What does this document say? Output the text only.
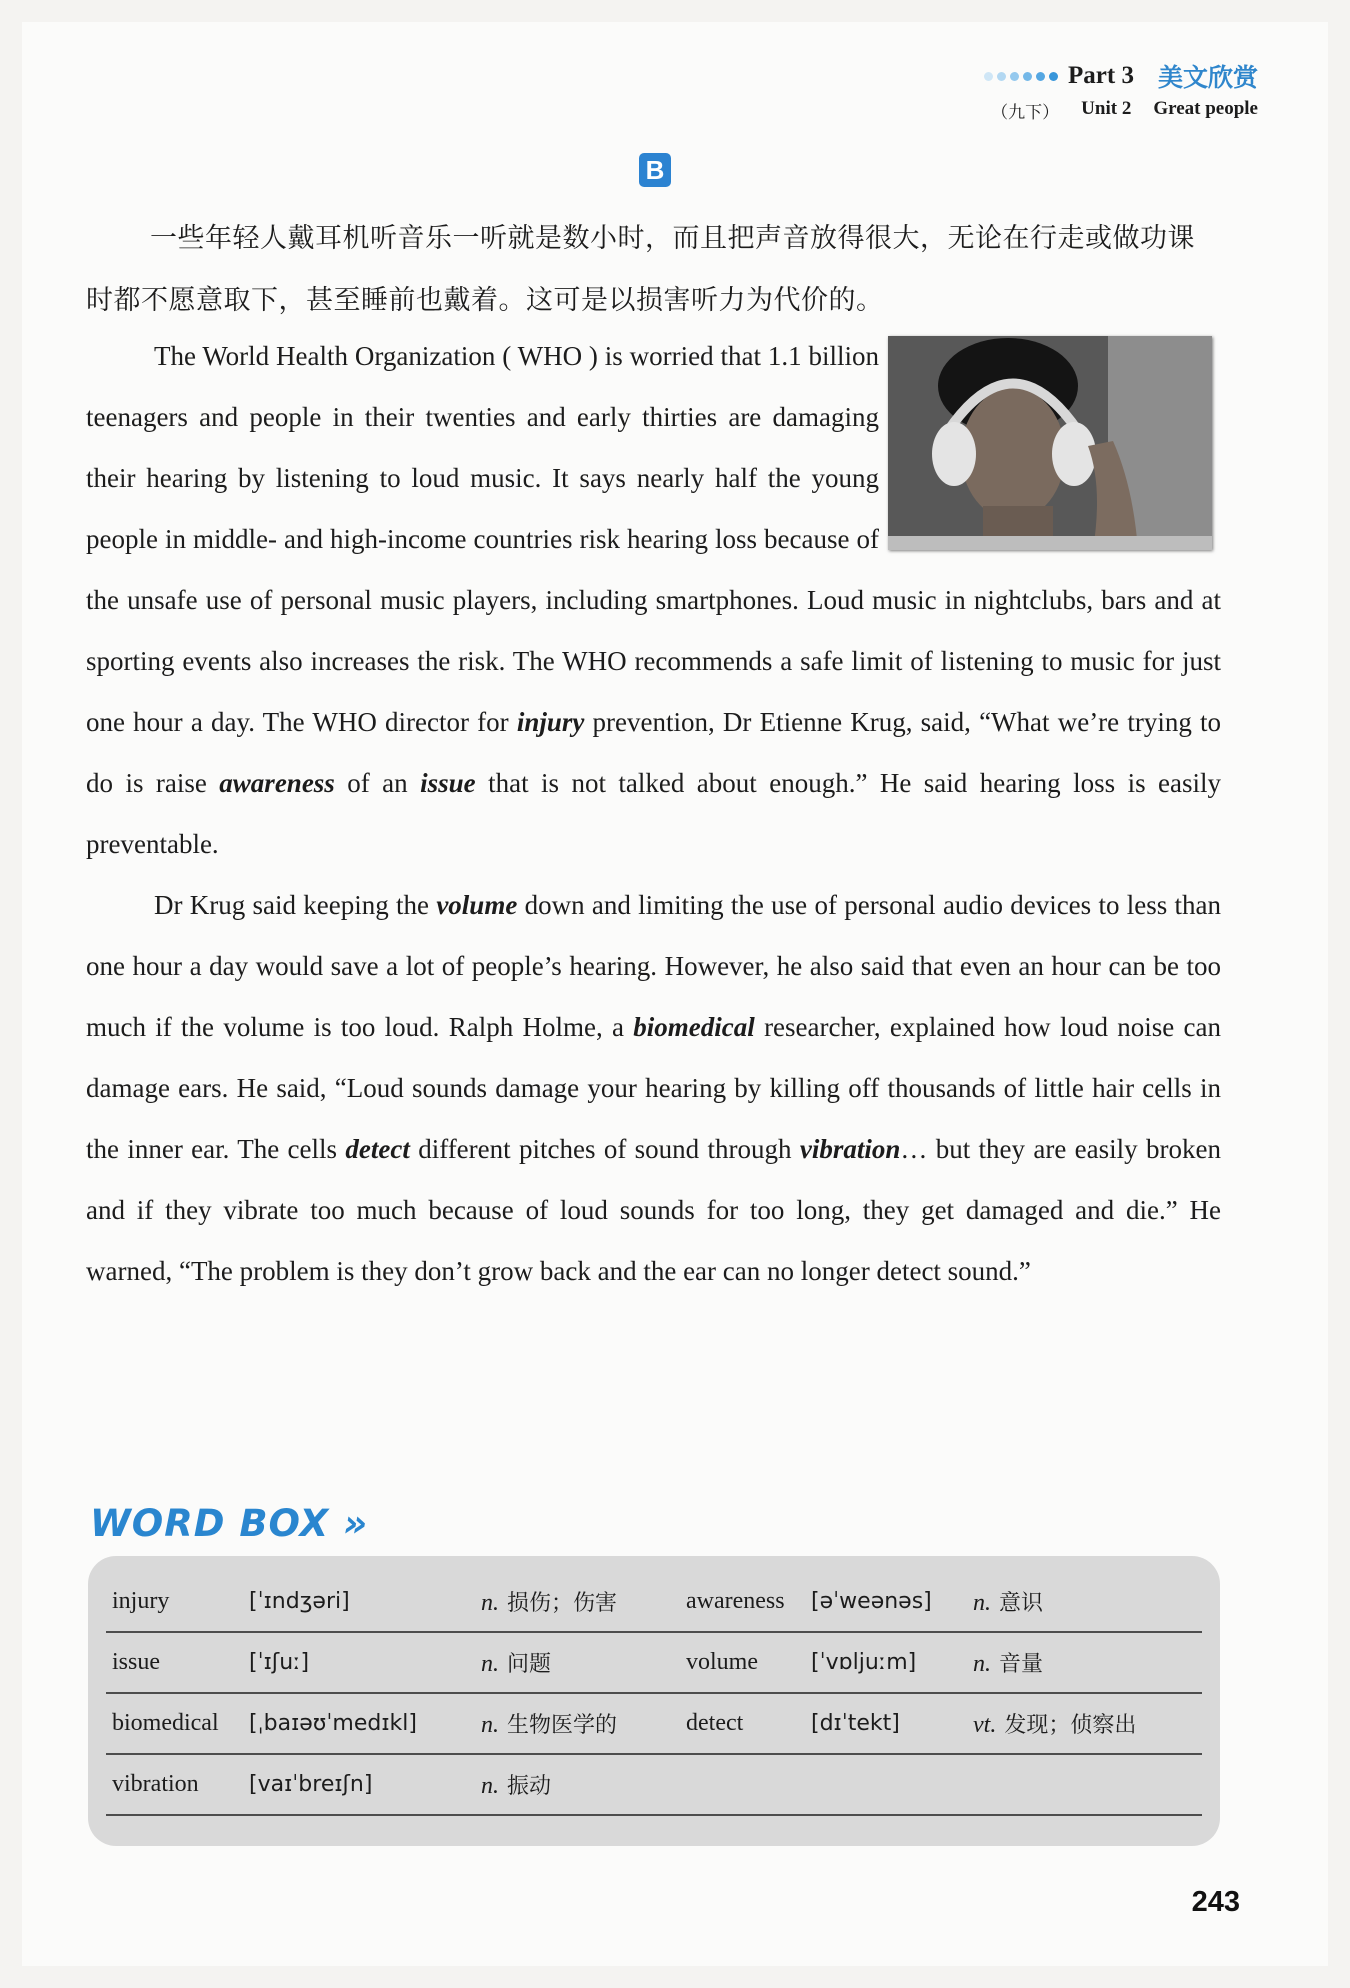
Part 3 美文欣赏
（九下） Unit 2 Great people
B
一些年轻人戴耳机听音乐一听就是数小时，而且把声音放得很大，无论在行走或做功课时都不愿意取下，甚至睡前也戴着。这可是以损害听力为代价的。

The World Health Organization ( WHO ) is worried that 1.1 billion teenagers and people in their twenties and early thirties are damaging their hearing by listening to loud music. It says nearly half the young people in middle- and high-income countries risk hearing loss because of the unsafe use of personal music players, including smartphones. Loud music in nightclubs, bars and at sporting events also increases the risk. The WHO recommends a safe limit of listening to music for just one hour a day. The WHO director for injury prevention, Dr Etienne Krug, said, “What we’re trying to do is raise awareness of an issue that is not talked about enough.” He said hearing loss is easily preventable.

Dr Krug said keeping the volume down and limiting the use of personal audio devices to less than one hour a day would save a lot of people’s hearing. However, he also said that even an hour can be too much if the volume is too loud. Ralph Holme, a biomedical researcher, explained how loud noise can damage ears. He said, “Loud sounds damage your hearing by killing off thousands of little hair cells in the inner ear. The cells detect different pitches of sound through vibration… but they are easily broken and if they vibrate too much because of loud sounds for too long, they get damaged and die.” He warned, “The problem is they don’t grow back and the ear can no longer detect sound.”

WORD BOX »
injury	[ˈɪndʒəri]	n. 损伤；伤害	awareness	[əˈweənəs]	n. 意识
issue	[ˈɪʃuː]	n. 问题	volume	[ˈvɒljuːm]	n. 音量
biomedical	[ˌbaɪəʊˈmedɪkl]	n. 生物医学的	detect	[dɪˈtekt]	vt. 发现；侦察出
vibration	[vaɪˈbreɪʃn]	n. 振动			
243
